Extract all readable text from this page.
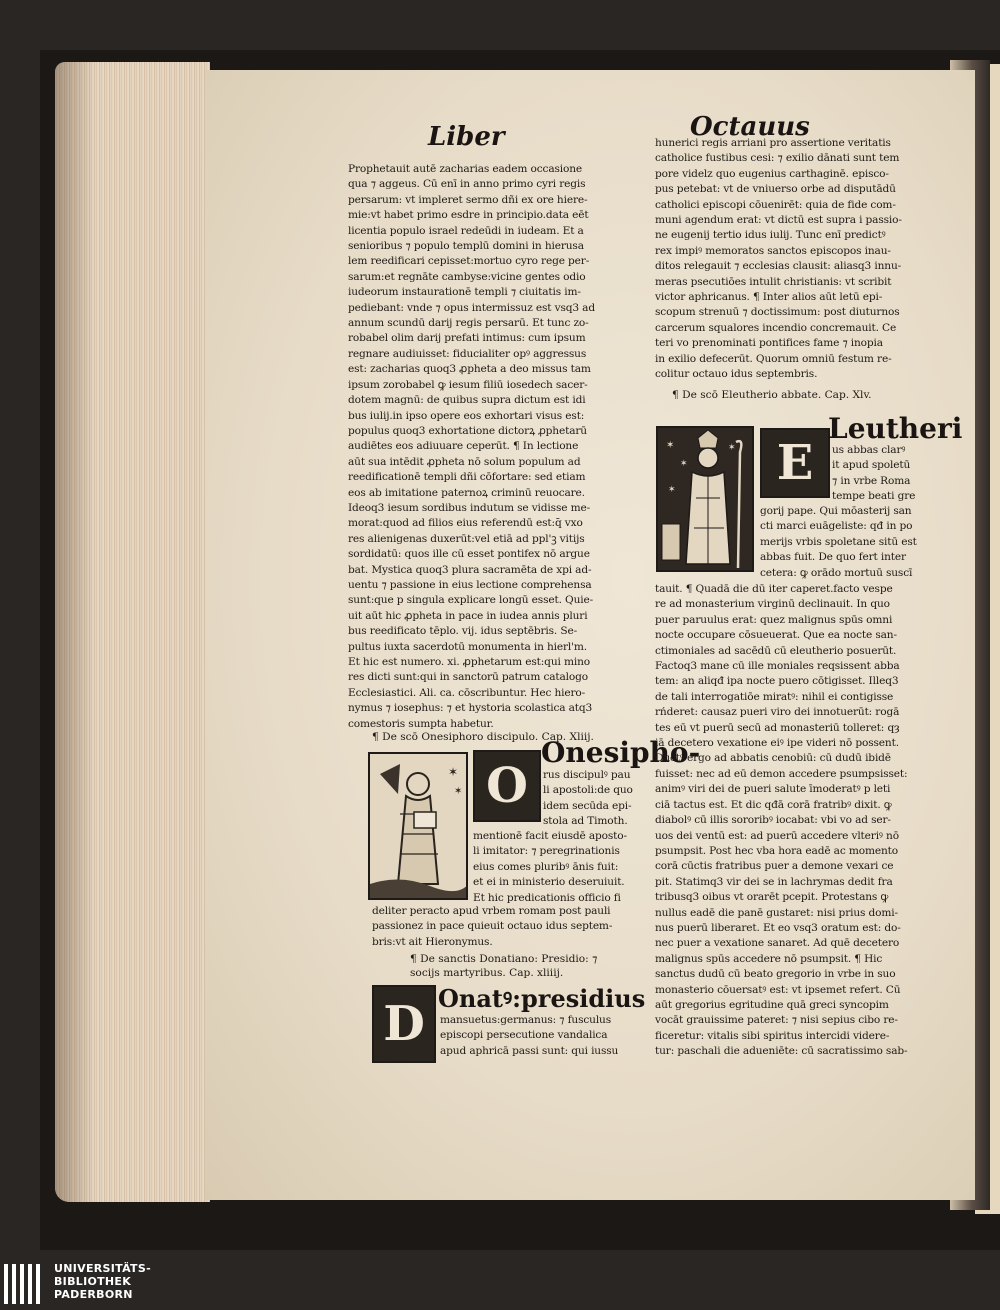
Liber	Octauus
Prophetauit autē zacharias eadem occasione
qua ⁊ aggeus. Cū enī in anno primo cyri regis
persarum: vt impleret sermo dñi ex ore hiere-
mie:vt habet primo esdre in principio.data eēt
licentia populo israel redeūdi in iudeam. Et a
senioribus ⁊ populo templū domini in hierusa
lem reedificari cepisset:mortuo cyro rege per-
sarum:et regnāte cambyse:vicine gentes odio
iudeorum instaurationē templi ⁊ ciuitatis im-
pediebant: vnde ⁊ opus intermissuz est vsq3 ad
annum scundū darij regis persarū. Et tunc zo-
robabel olim darij prefati intimus: cum ipsum
regnare audiuisset: fiducialiter opꝰ aggressus
est: zacharias quoq3 ꝓpheta a deo missus tam
ipsum zorobabel ꝙ iesum filiū iosedech sacer-
dotem magnū: de quibus supra dictum est idi
bus iulij.in ipso opere eos exhortari visus est:
populus quoq3 exhortatione dictorꝝ ꝓphetarū
audiētes eos adiuuare ceperūt. ¶ In lectione
aūt sua intēdit ꝓpheta nō solum populum ad
reedificationē templi dñi cōfortare: sed etiam
eos ab imitatione paternoꝝ criminū reuocare.
Ideoq3 iesum sordibus indutum se vidisse me-
morat:quod ad filios eius referendū est:q̄ vxo
res alienigenas duxerūt:vel etiā ad ppl'ꝫ vitijs
sordidatū: quos ille cū esset pontifex nō argue
bat. Mystica quoq3 plura sacramēta de xpi ad-
uentu ⁊ passione in eius lectione comprehensa
sunt:que p singula explicare longū esset. Quie-
uit aūt hic ꝓpheta in pace in iudea annis pluri
bus reedificato tēplo. vij. idus septēbris. Se-
pultus iuxta sacerdotū monumenta in hierl'm.
Et hic est numero. xi. ꝓphetarum est:qui mino
res dicti sunt:qui in sanctorū patrum catalogo
Ecclesiastici. Ali. ca. cōscribuntur. Hec hiero-
nymus ⁊ iosephus: ⁊ et hystoria scolastica atq3
comestoris sumpta habetur.
¶ De scō Onesiphoro discipulo. Cap. Xliij.
✶
✶ O
Onesipho-
rus discipulꝰ pau
li apostoli:de quo
idem secūda epi-
stola ad Timoth.
mentionē facit eiusdē aposto-
li imitator: ⁊ peregrinationis
eius comes pluribꝰ ānis fuit:
et ei in ministerio deseruiuit.
Et hic predicationis officio fi
deliter peracto apud vrbem romam post pauli
passionez in pace quieuit octauo idus septem-
bris:vt ait Hieronymus.
¶ De sanctis Donatiano: Presidio: ⁊
socijs martyribus. Cap. xliiij.
D Onatꝰ:presidius
mansuetus:germanus: ⁊ fusculus
episcopi persecutione vandalica
apud aphricā passi sunt: qui iussu
hunerici regis arriani pro assertione veritatis
catholice fustibus cesi: ⁊ exilio dānati sunt tem
pore videlz quo eugenius carthaginē. episco-
pus petebat: vt de vniuerso orbe ad disputādū
catholici episcopi cōuenirēt: quia de fide com-
muni agendum erat: vt dictū est supra i passio-
ne eugenij tertio idus iulij. Tunc enī predictꝰ
rex impiꝰ memoratos sanctos episcopos inau-
ditos relegauit ⁊ ecclesias clausit: aliasq3 innu-
meras psecutiōes intulit christianis: vt scribit
victor aphricanus. ¶ Inter alios aūt letū epi-
scopum strenuū ⁊ doctissimum: post diuturnos
carcerum squalores incendio concremauit. Ce
teri vo prenominati pontifices fame ⁊ inopia
in exilio defecerūt. Quorum omniū festum re-
colitur octauo idus septembris.
¶ De scō Eleutherio abbate. Cap. Xlv.
✶
✶
✶
✶	E
Leutheri
us abbas clarꝰ
it apud spoletū
⁊ in vrbe Roma
tempe beati gre
gorij pape. Qui mōasterij san
cti marci euāgeliste: qđ in po
merijs vrbis spoletane sitū est
abbas fuit. De quo fert inter
cetera: ꝙ orādo mortuū suscī
tauit. ¶ Quadā die dū iter caperet.facto vespe
re ad monasterium virginū declinauit. In quo
puer paruulus erat: quez malignus spūs omni
nocte occupare cōsueuerat. Que ea nocte san-
ctimoniales ad sacēdū cū eleutherio posuerūt.
Factoq3 mane cū ille moniales reqsissent abba
tem: an aliqđ ipa nocte puero cōtigisset. Illeq3
de tali interrogatiōe miratꝰ: nihil ei contigisse
rńderet: causaz pueri viro dei innotuerūt: rogā
tes eū vt puerū secū ad monasteriū tolleret: qȝ
iā decetero vexatione eiꝰ ipe videri nō possent.
Ductꝰ ergo ad abbatis cenobiū: cū dudū ibidē
fuisset: nec ad eū demon accedere psumpsisset:
animꝰ viri dei de pueri salute īmoderatꝰ p leti
ciā tactus est. Et dic qđā corā fratribꝰ dixit. ꝙ
diabolꝰ cū illis sororibꝰ iocabat: vbi vo ad ser-
uos dei ventū est: ad puerū accedere vlteriꝰ nō
psumpsit. Post hec vba hora eadē ac momento
corā cūctis fratribus puer a demone vexari ce
pit. Statimq3 vir dei se in lachrymas dedit fra
tribusq3 oibus vt orarēt pcepit. Protestans ꝙ
nullus eadē die panē gustaret: nisi prius domi-
nus puerū liberaret. Et eo vsq3 oratum est: do-
nec puer a vexatione sanaret. Ad quē decetero
malignus spūs accedere nō psumpsit. ¶ Hic
sanctus dudū cū beato gregorio in vrbe in suo
monasterio cōuersatꝰ est: vt ipsemet refert. Cū
aūt gregorius egritudine quā greci syncopim
vocāt grauissime pateret: ⁊ nisi sepius cibo re-
ficeretur: vitalis sibi spiritus intercidi videre-
tur: paschali die adueniēte: cū sacratissimo sab-
UNIVERSITÄTS-
BIBLIOTHEK
PADERBORN
